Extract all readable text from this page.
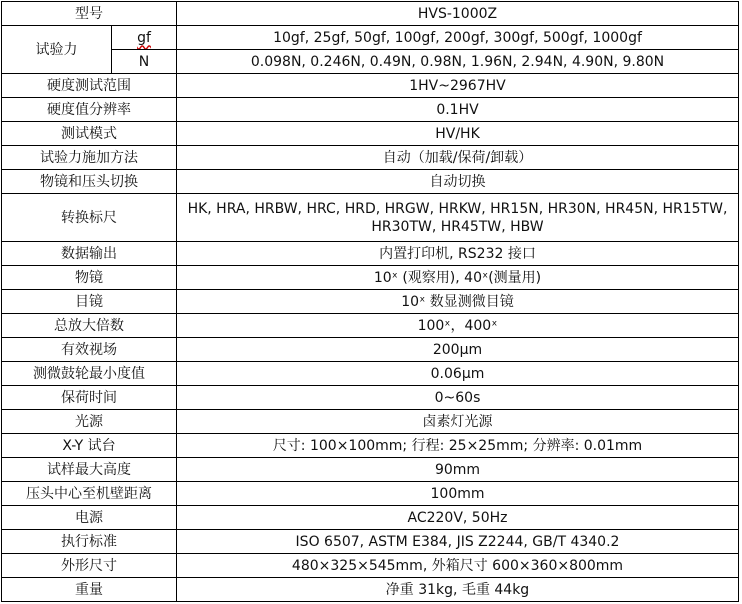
型号		HVS-1000Z
试验力	gf	10gf, 25gf, 50gf, 100gf, 200gf, 300gf, 500gf, 1000gf
	N	0.098N, 0.246N, 0.49N, 0.98N, 1.96N, 2.94N, 4.90N, 9.80N
硬度测试范围		1HV~2967HV
硬度值分辨率		0.1HV
测试模式		HV/HK
试验力施加方法		自动（加载/保荷/卸载）
物镜和压头切换		自动切换
转换标尺		HK, HRA, HRBW, HRC, HRD, HRGW, HRKW, HR15N, HR30N, HR45N, HR15TW, HR30TW, HR45TW, HBW
数据输出		内置打印机, RS232 接口
物镜		10ˣ (观察用), 40ˣ(测量用)
目镜		10ˣ 数显测微目镜
总放大倍数		100ˣ，400ˣ
有效视场		200μm
测微鼓轮最小度值		0.06μm
保荷时间		0~60s
光源		卤素灯光源
X-Y 试台		尺寸: 100×100mm; 行程: 25×25mm; 分辨率: 0.01mm
试样最大高度		90mm
压头中心至机壁距离		100mm
电源		AC220V, 50Hz
执行标准		ISO 6507, ASTM E384, JIS Z2244, GB/T 4340.2
外形尺寸		480×325×545mm, 外箱尺寸 600×360×800mm
重量		净重 31kg, 毛重 44kg
